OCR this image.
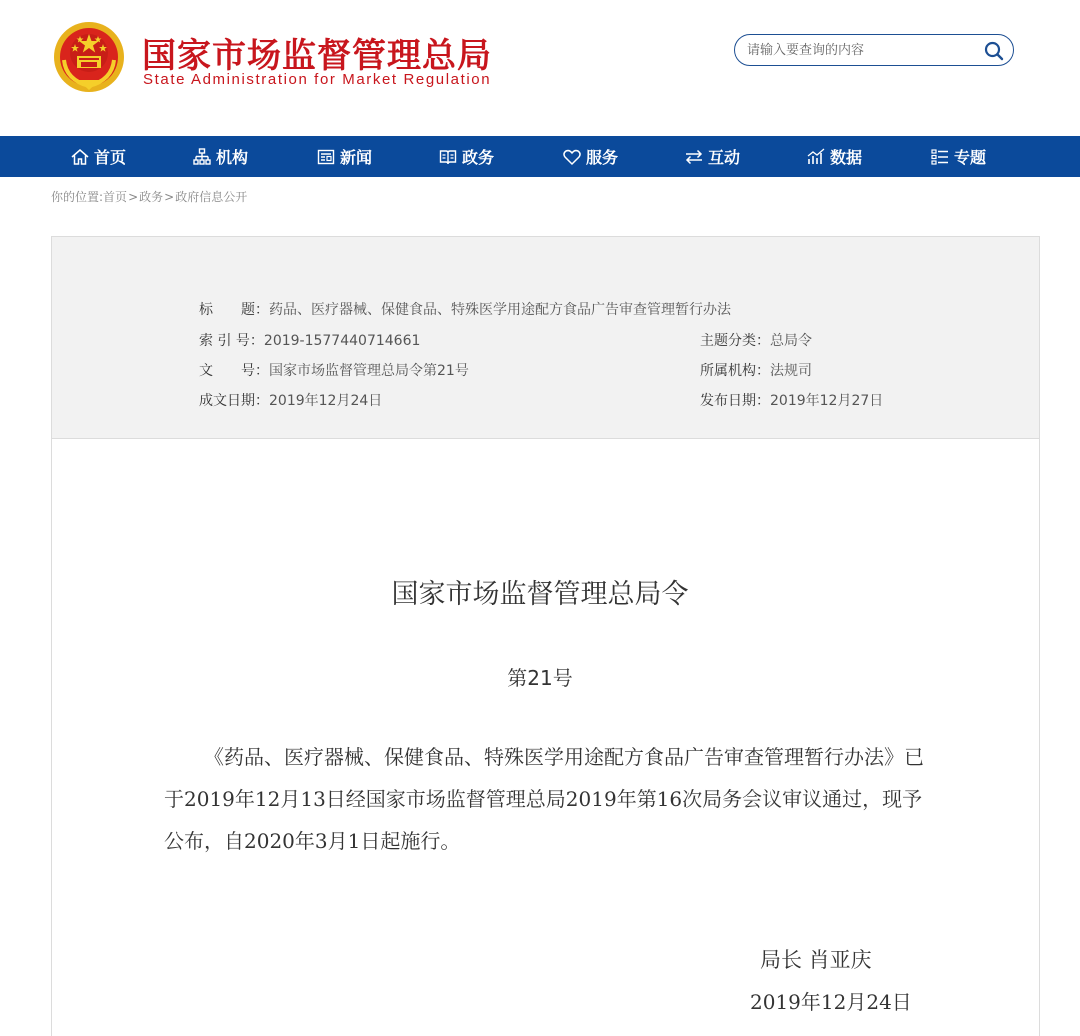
国家市场监督管理总局
State Administration for Market Regulation
请输入要查询的内容
首页	机构	新闻	政务	服务	互动	数据	专题
你的位置:首页>政务>政府信息公开
标　　题：药品、医疗器械、保健食品、特殊医学用途配方食品广告审查管理暂行办法
索 引 号：2019-1577440714661	主题分类：总局令
文　　号：国家市场监督管理总局令第21号	所属机构：法规司
成文日期：2019年12月24日	发布日期：2019年12月27日
国家市场监督管理总局令
第21号

《药品、医疗器械、保健食品、特殊医学用途配方食品广告审查管理暂行办法》已于2019年12月13日经国家市场监督管理总局2019年第16次局务会议审议通过，现予公布，自2020年3月1日起施行。

局长 肖亚庆
2019年12月24日
